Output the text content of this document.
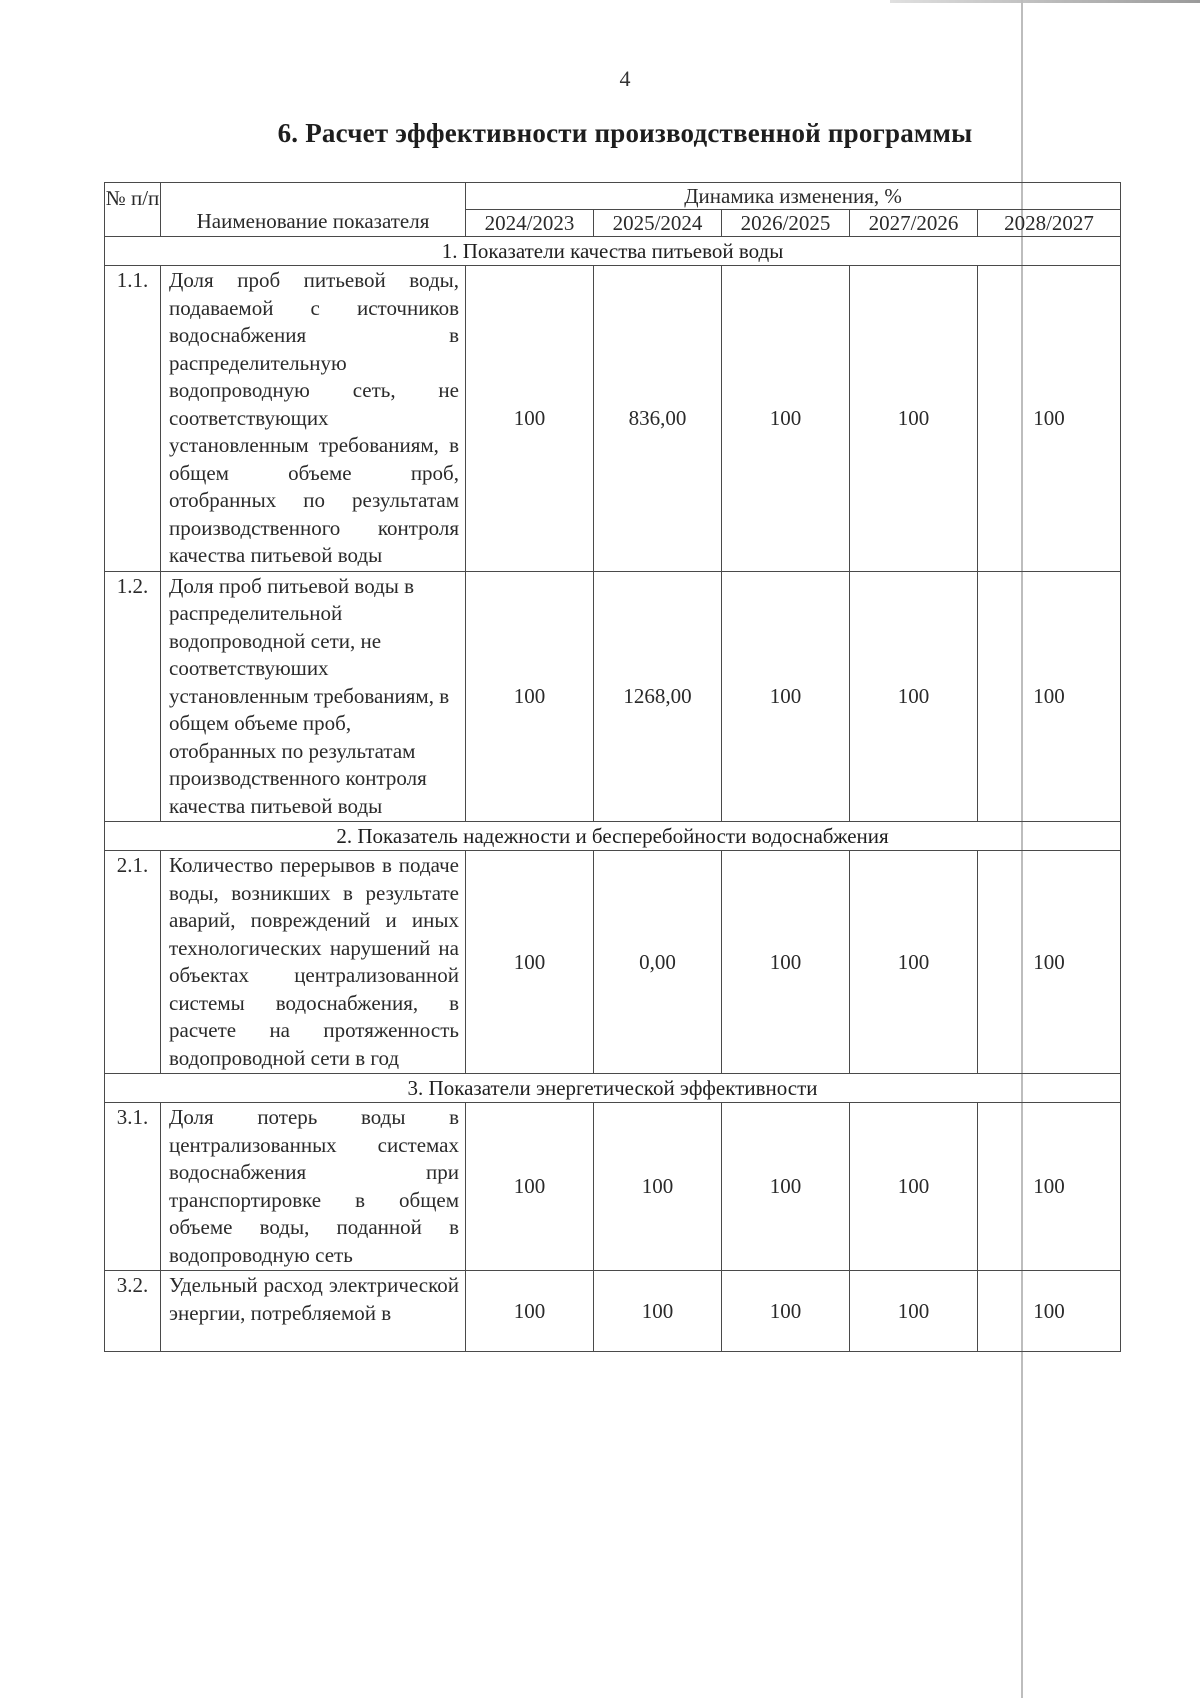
4
6. Расчет эффективности производственной программы
№ п/п	Наименование показателя	Динамика изменения, %				
		2024/2023	2025/2024	2026/2025	2027/2026	2028/2027
1. Показатели качества питьевой воды						
1.1.	Доля проб питьевой воды, подаваемой с источников водоснабжения в распределительную водопроводную сеть, не соответствующих установленным требованиям, в общем объеме проб, отобранных по результатам производственного контроля качества питьевой воды	100	836,00	100	100	100
1.2.	Доля проб питьевой воды в распределительной водопроводной сети, не соответствуюших установленным требованиям, в общем объеме проб, отобранных по результатам производственного контроля качества питьевой воды	100	1268,00	100	100	100
2. Показатель надежности и бесперебойности водоснабжения						
2.1.	Количество перерывов в подаче воды, возникших в результате аварий, повреждений и иных технологических нарушений на объектах централизованной системы водоснабжения, в расчете на протяженность водопроводной сети в год	100	0,00	100	100	100
3. Показатели энергетической эффективности						
3.1.	Доля потерь воды в централизованных системах водоснабжения при транспортировке в общем объеме воды, поданной в водопроводную сеть	100	100	100	100	100
3.2.	Удельный расход электрической энергии, потребляемой в	100	100	100	100	100
